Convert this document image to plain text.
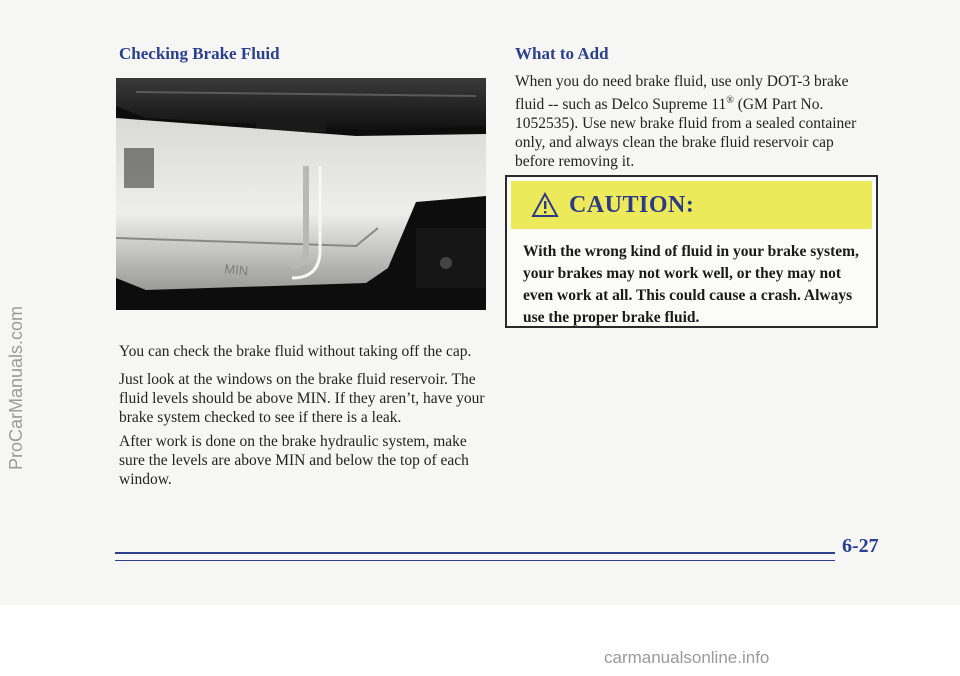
Checking Brake Fluid
MIN

You can check the brake fluid without taking off the cap.

Just look at the windows on the brake fluid reservoir. The fluid levels should be above MIN. If they aren’t, have your brake system checked to see if there is a leak.

After work is done on the brake hydraulic system, make sure the levels are above MIN and below the top of each window.

What to Add

When you do need brake fluid, use only DOT-3 brake fluid -- such as Delco Supreme 11® (GM Part No. 1052535). Use new brake fluid from a sealed container only, and always clean the brake fluid reservoir cap before removing it.

CAUTION:

With the wrong kind of fluid in your brake system, your brakes may not work well, or they may not even work at all. This could cause a crash. Always use the proper brake fluid.

ProCarManuals.com
6-27
carmanualsonline.info
